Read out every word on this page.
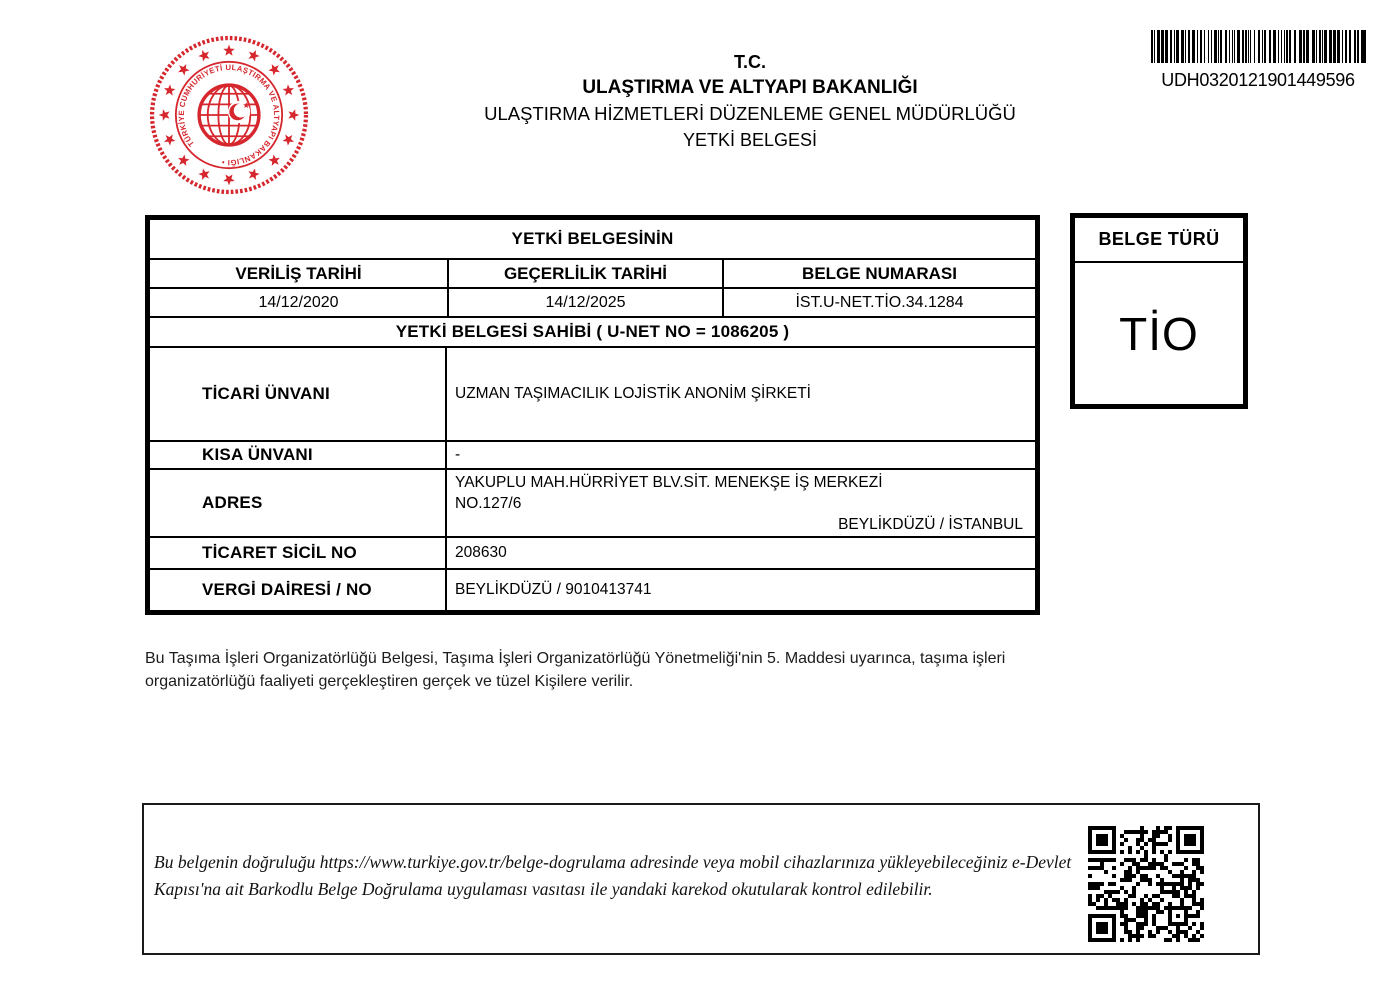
TÜRKİYE CUMHURİYETİ ULAŞTIRMA VE ALTYAPI BAKANLIĞI •
T.C.
ULAŞTIRMA VE ALTYAPI BAKANLIĞI
ULAŞTIRMA HİZMETLERİ DÜZENLEME GENEL MÜDÜRLÜĞÜ
YETKİ BELGESİ
UDH0320121901449596
YETKİ BELGESİNİN
VERİLİŞ TARİHİ	GEÇERLİLİK TARİHİ	BELGE NUMARASI
14/12/2020	14/12/2025	İST.U-NET.TİO.34.1284
YETKİ BELGESİ SAHİBİ ( U-NET NO = 1086205 )
TİCARİ ÜNVANI	UZMAN TAŞIMACILIK LOJİSTİK ANONİM ŞİRKETİ
KISA ÜNVANI	-
ADRES
YAKUPLU MAH.HÜRRİYET BLV.SİT. MENEKŞE İŞ MERKEZİ
NO.127/6
BEYLİKDÜZÜ / İSTANBUL
TİCARET SİCİL NO	208630
VERGİ DAİRESİ / NO	BEYLİKDÜZÜ / 9010413741
BELGE TÜRÜ
TİO
Bu Taşıma İşleri Organizatörlüğü Belgesi, Taşıma İşleri Organizatörlüğü Yönetmeliği'nin 5. Maddesi uyarınca, taşıma işleri organizatörlüğü faaliyeti gerçekleştiren gerçek ve tüzel Kişilere verilir.
Bu belgenin doğruluğu https://www.turkiye.gov.tr/belge-dogrulama adresinde veya mobil cihazlarınıza yükleyebileceğiniz e-Devlet Kapısı'na ait Barkodlu Belge Doğrulama uygulaması vasıtası ile yandaki karekod okutularak kontrol edilebilir.
